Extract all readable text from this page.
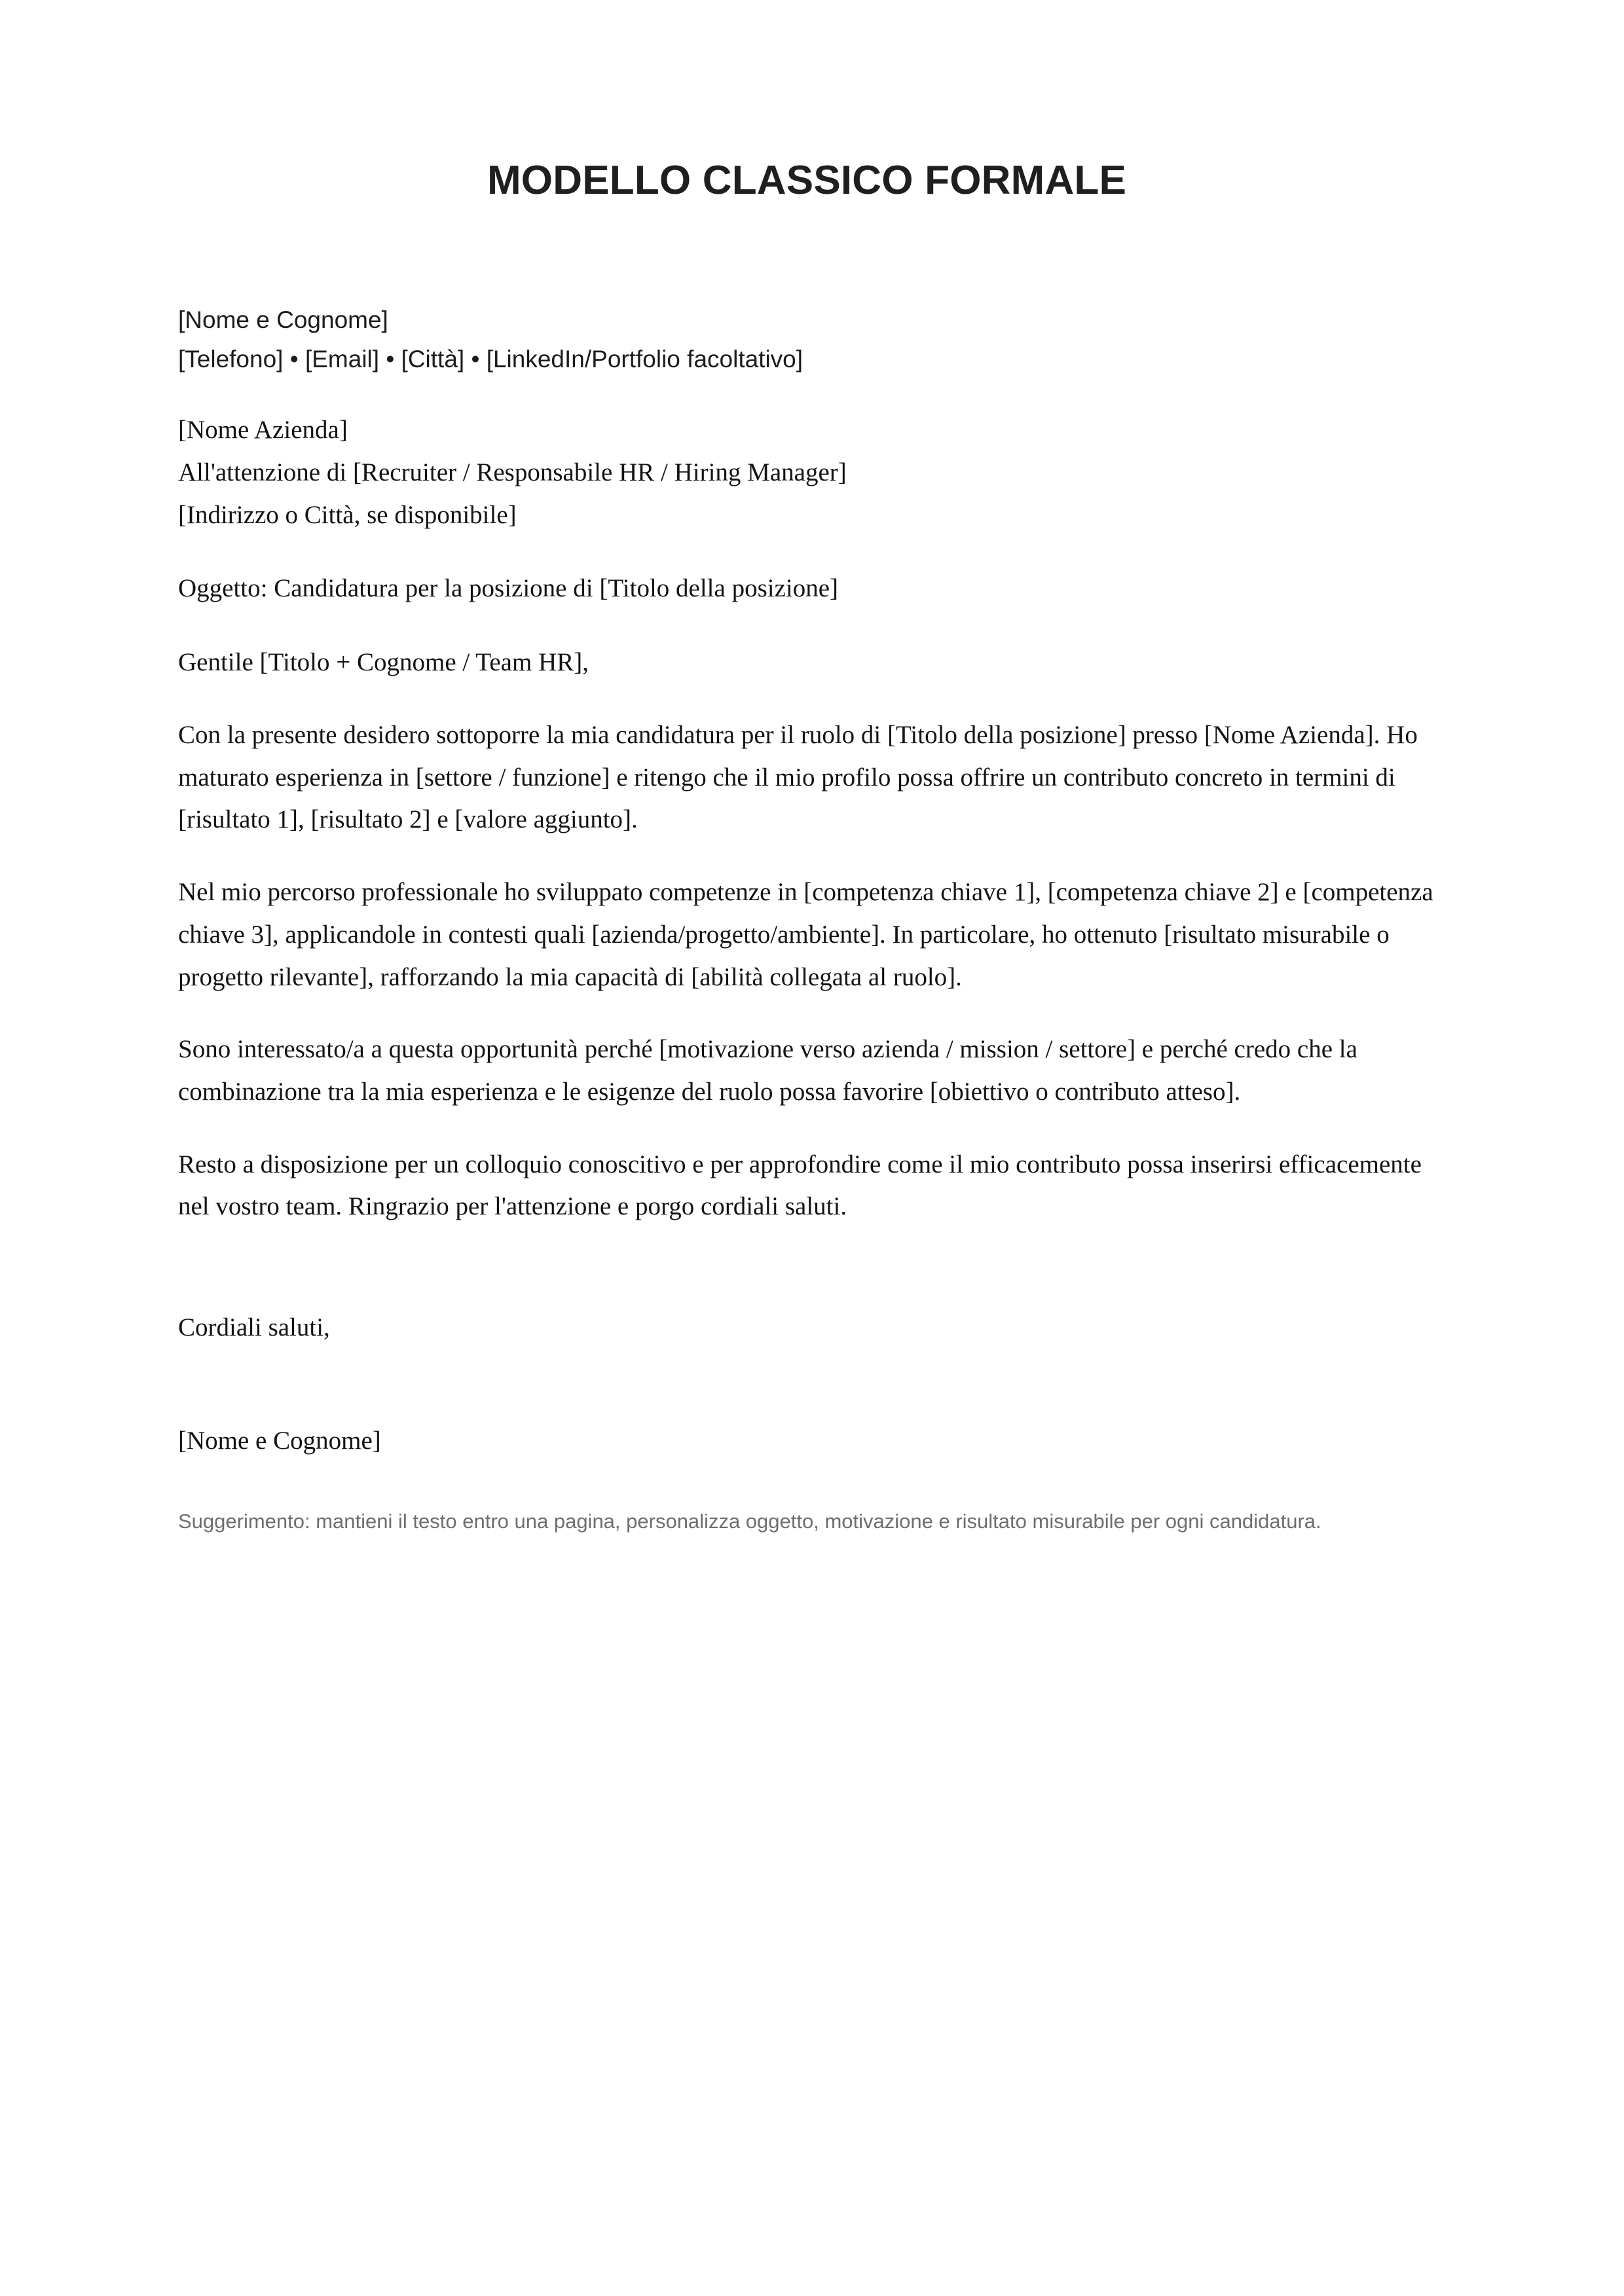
MODELLO CLASSICO FORMALE
[Nome e Cognome]
[Telefono] • [Email] • [Città] • [LinkedIn/Portfolio facoltativo]
[Nome Azienda]
All'attenzione di [Recruiter / Responsabile HR / Hiring Manager]
[Indirizzo o Città, se disponibile]

Oggetto: Candidatura per la posizione di [Titolo della posizione]

Gentile [Titolo + Cognome / Team HR],

Con la presente desidero sottoporre la mia candidatura per il ruolo di [Titolo della posizione] presso [Nome Azienda]. Ho maturato esperienza in [settore / funzione] e ritengo che il mio profilo possa offrire un contributo concreto in termini di [risultato 1], [risultato 2] e [valore aggiunto].

Nel mio percorso professionale ho sviluppato competenze in [competenza chiave 1], [competenza chiave 2] e [competenza chiave 3], applicandole in contesti quali [azienda/progetto/ambiente]. In particolare, ho ottenuto [risultato misurabile o progetto rilevante], rafforzando la mia capacità di [abilità collegata al ruolo].

Sono interessato/a a questa opportunità perché [motivazione verso azienda / mission / settore] e perché credo che la combinazione tra la mia esperienza e le esigenze del ruolo possa favorire [obiettivo o contributo atteso].

Resto a disposizione per un colloquio conoscitivo e per approfondire come il mio contributo possa inserirsi efficacemente nel vostro team. Ringrazio per l'attenzione e porgo cordiali saluti.

Cordiali saluti,

[Nome e Cognome]

Suggerimento: mantieni il testo entro una pagina, personalizza oggetto, motivazione e risultato misurabile per ogni candidatura.
